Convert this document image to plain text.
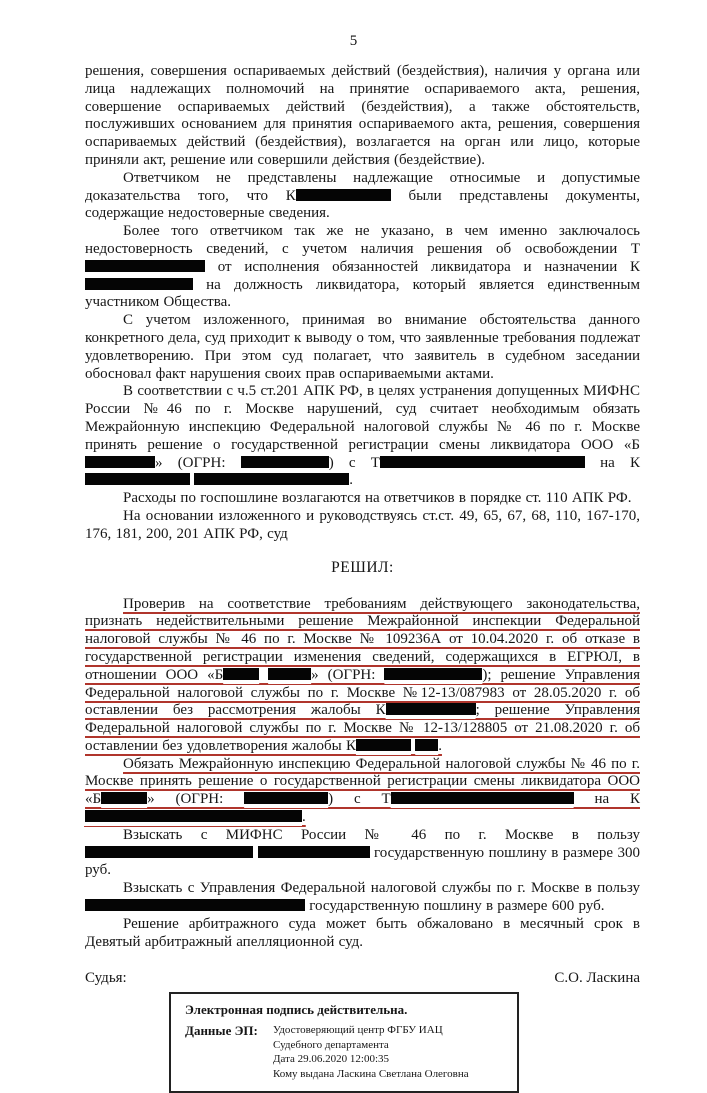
5

решения, совершения оспариваемых действий (бездействия), наличия у органа или лица надлежащих полномочий на принятие оспариваемого акта, решения, совершение оспариваемых действий (бездействия), а также обстоятельств, послуживших основанием для принятия оспариваемого акта, решения, совершения оспариваемых действий (бездействия), возлагается на орган или лицо, которые приняли акт, решение или совершили действия (бездействие).

Ответчиком не представлены надлежащие относимые и допустимые доказательства того, что К	были представлены документы, содержащие недостоверные сведения.

Более того ответчиком так же не указано, в чем именно заключалось недостоверность сведений, с учетом наличия решения об освобождении Т от исполнения обязанностей ликвидатора и назначении К на должность ликвидатора, который является единственным участником Общества.

С учетом изложенного, принимая во внимание обстоятельства данного конкретного дела, суд приходит к выводу о том, что заявленные требования подлежат удовлетворению. При этом суд полагает, что заявитель в судебном заседании обосновал факт нарушения своих прав оспариваемыми актами.

В соответствии с ч.5 ст.201 АПК РФ, в целях устранения допущенных МИФНС России №46 по г. Москве нарушений, суд считает необходимым обязать Межрайонную инспекцию Федеральной налоговой службы № 46 по г. Москве принять решение о государственной регистрации смены ликвидатора ООО «Б» (ОГРН:	) с Т	на К .

Расходы по госпошлине возлагаются на ответчиков в порядке ст. 110 АПК РФ.

На основании изложенного и руководствуясь ст.ст. 49, 65, 67, 68, 110, 167-170, 176, 181, 200, 201 АПК РФ, суд

РЕШИЛ:

Проверив на соответствие требованиям действующего законодательства, признать недействительными решение Межрайонной инспекции Федеральной налоговой службы № 46 по г. Москве № 109236А от 10.04.2020 г. об отказе в государственной регистрации изменения сведений, содержащихся в ЕГРЮЛ, в отношении ООО «Б	» (ОГРН:	); решение Управления Федеральной налоговой службы по г. Москве №12-13/087983 от 28.05.2020 г. об оставлении без рассмотрения жалобы К	; решение Управления Федеральной налоговой службы по г. Москве № 12-13/128805 от 21.08.2020 г. об оставлении без удовлетворения жалобы К	.

Обязать Межрайонную инспекцию Федеральной налоговой службы № 46 по г. Москве принять решение о государственной регистрации смены ликвидатора ООО «Б	» (ОГРН:	) с Т	на К.

Взыскать с МИФНС России № 46 по г. Москве в пользу   государственную пошлину в размере 300 руб.

Взыскать с Управления Федеральной налоговой службы по г. Москве в пользу  государственную пошлину в размере 600 руб.

Решение арбитражного суда может быть обжаловано в месячный срок в Девятый арбитражный апелляционной суд.

Судья:	С.О. Ласкина
Электронная подпись действительна.
Данные ЭП:	Удостоверяющий центр ФГБУ ИАЦ Судебного департамента
Дата 29.06.2020 12:00:35
Кому выдана Ласкина Светлана Олеговна
